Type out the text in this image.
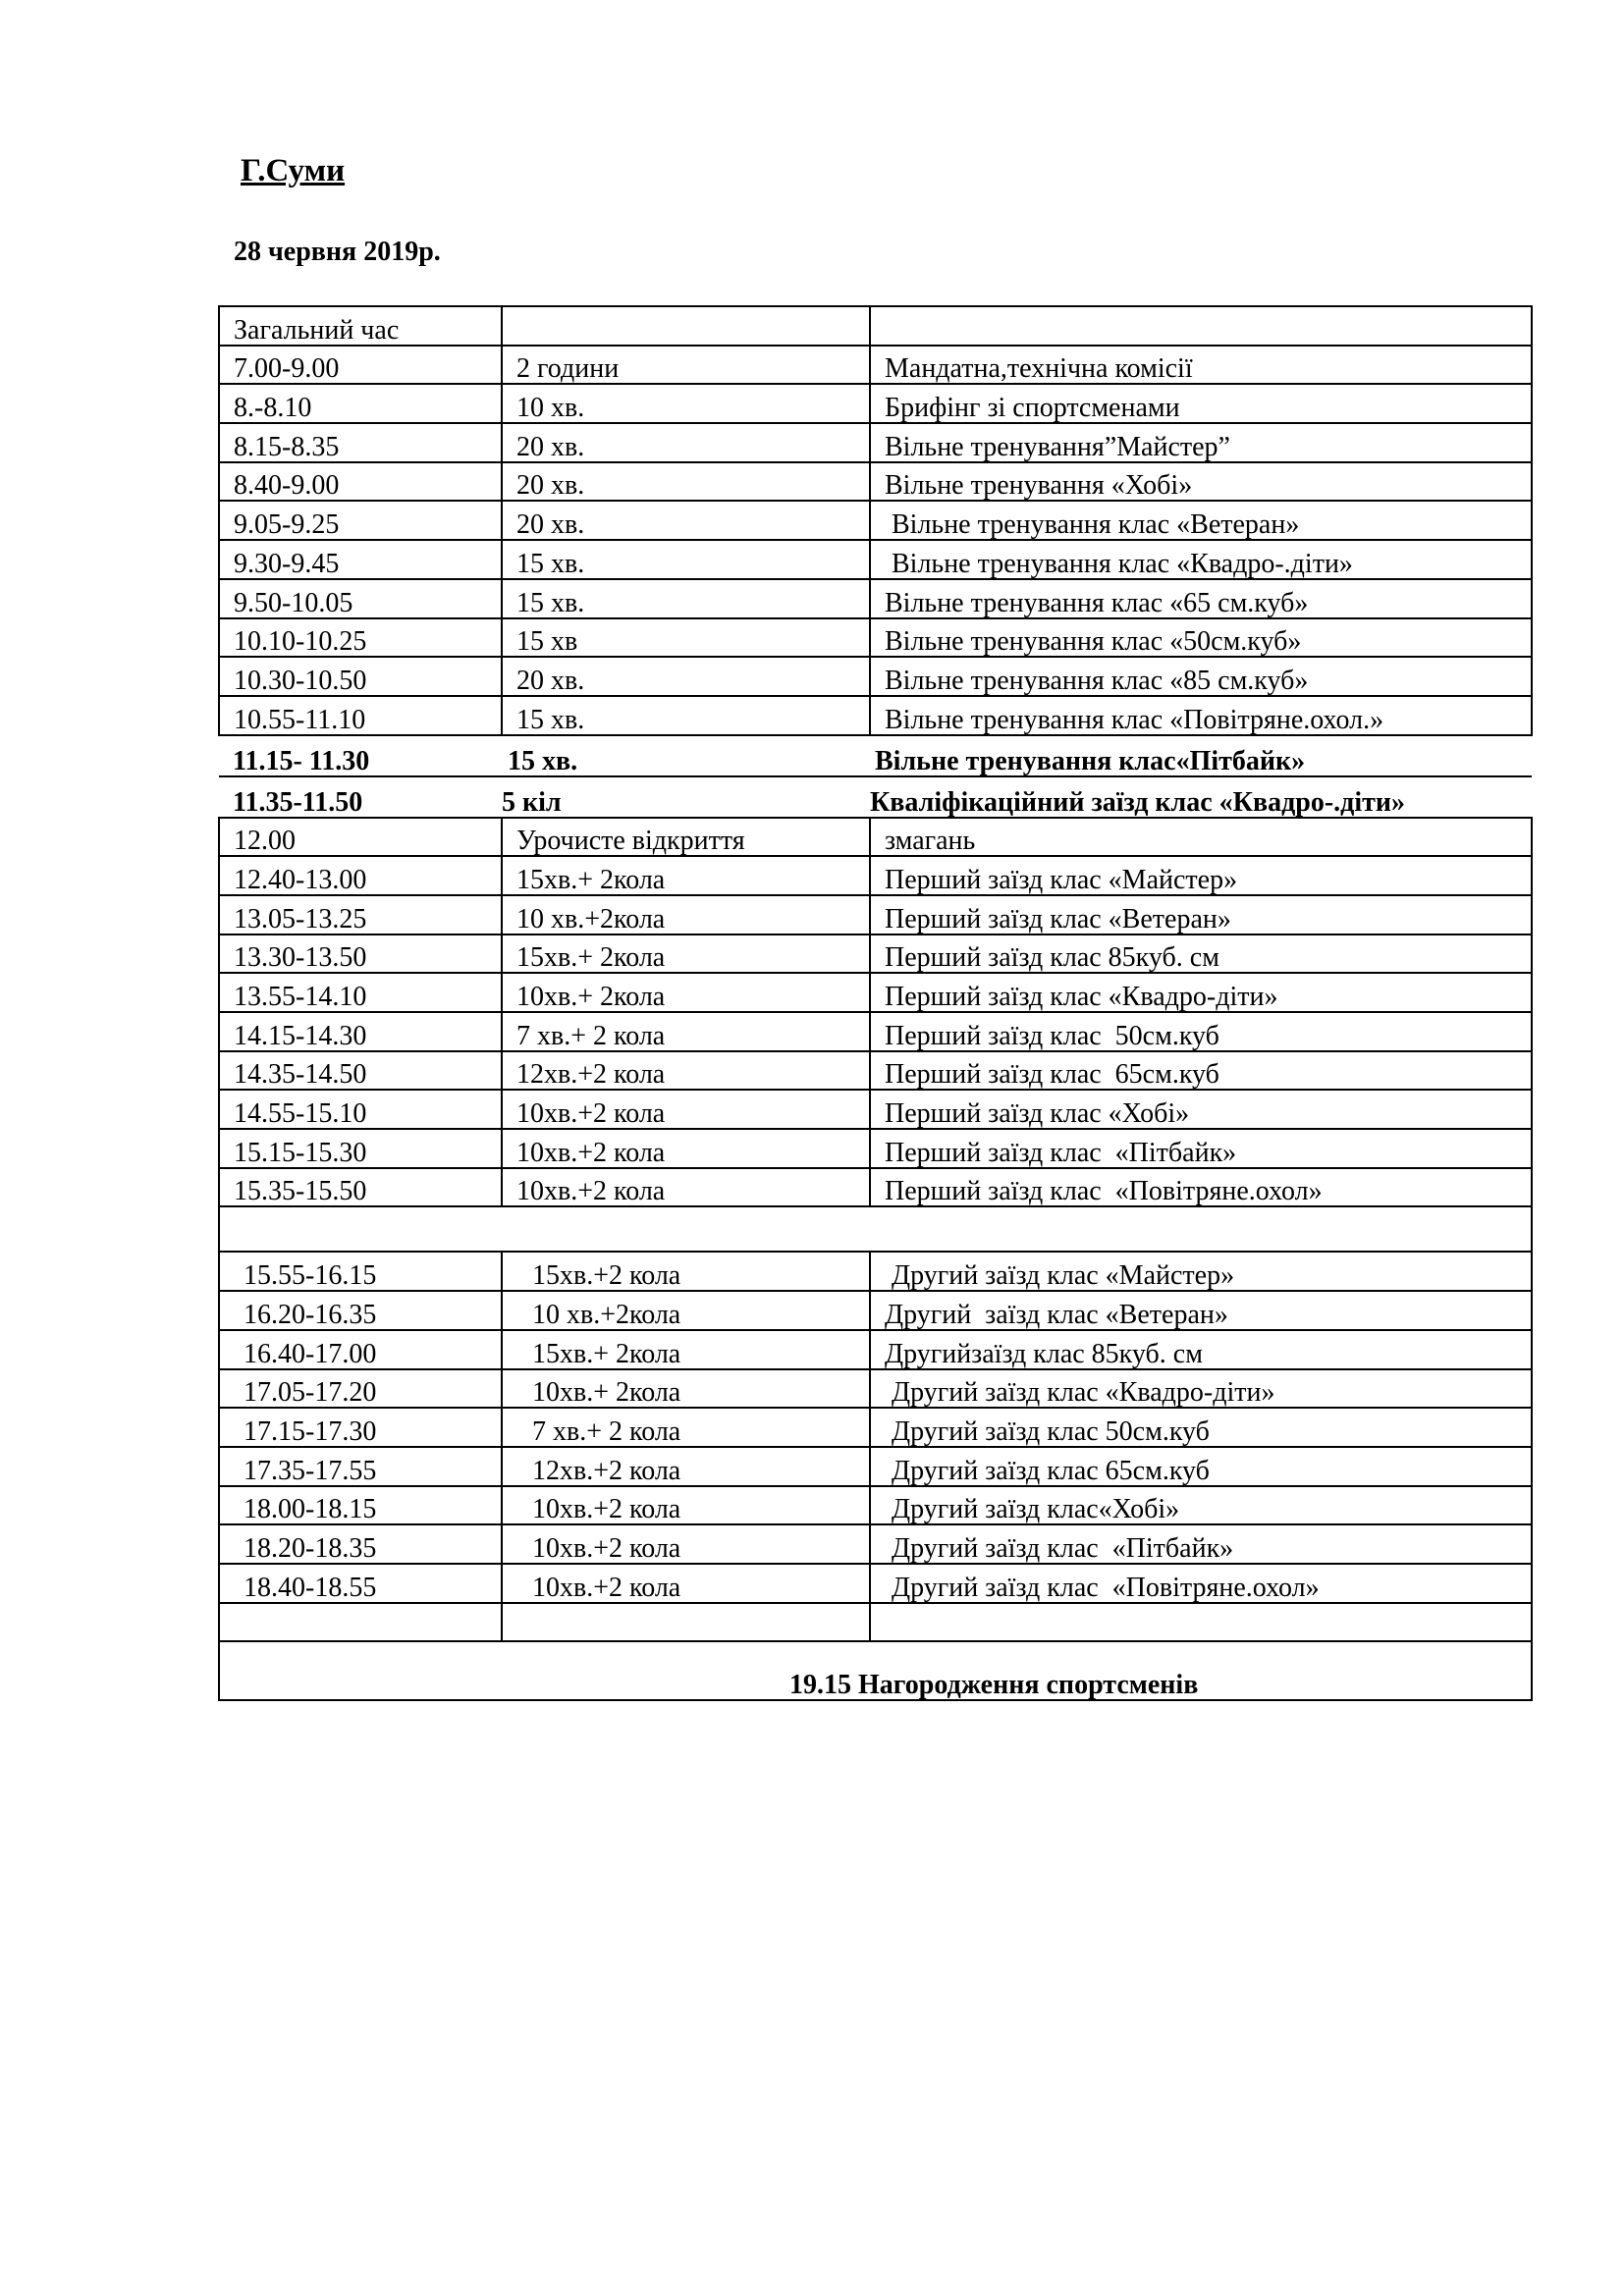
Г.Суми

28 червня 2019р.

Загальний час		
7.00-9.00	2 години	Мандатна,технічна комісії
8.-8.10	10 хв.	Брифінг зі спортсменами
8.15-8.35	20 хв.	Вільне тренування”Майстер”
8.40-9.00	20 хв.	Вільне тренування «Хобі»
9.05-9.25	20 хв.	Вільне тренування клас «Ветеран»
9.30-9.45	15 хв.	Вільне тренування клас «Квадро-.діти»
9.50-10.05	15 хв.	Вільне тренування клас «65 см.куб»
10.10-10.25	15 хв	Вільне тренування клас «50см.куб»
10.30-10.50	20 хв.	Вільне тренування клас «85 см.куб»
10.55-11.10	15 хв.	Вільне тренування клас «Повітряне.охол.»
11.15- 11.30	15 хв.	Вільне тренування клас«Пітбайк»
11.35-11.50	5 кіл	Кваліфікаційний заїзд клас «Квадро-.діти»
12.00	Урочисте відкриття	змагань
12.40-13.00	15хв.+ 2кола	Перший заїзд клас «Майстер»
13.05-13.25	10 хв.+2кола	Перший заїзд клас «Ветеран»
13.30-13.50	15хв.+ 2кола	Перший заїзд клас 85куб. см
13.55-14.10	10хв.+ 2кола	Перший заїзд клас «Квадро-діти»
14.15-14.30	7 хв.+ 2 кола	Перший заїзд клас  50см.куб
14.35-14.50	12хв.+2 кола	Перший заїзд клас  65см.куб
14.55-15.10	10хв.+2 кола	Перший заїзд клас «Хобі»
15.15-15.30	10хв.+2 кола	Перший заїзд клас  «Пітбайк»
15.35-15.50	10хв.+2 кола	Перший заїзд клас  «Повітряне.охол»

15.55-16.15	15хв.+2 кола	Другий заїзд клас «Майстер»
16.20-16.35	10 хв.+2кола	Другий  заїзд клас «Ветеран»
16.40-17.00	15хв.+ 2кола	Другийзаїзд клас 85куб. см
17.05-17.20	10хв.+ 2кола	Другий заїзд клас «Квадро-діти»
17.15-17.30	7 хв.+ 2 кола	Другий заїзд клас 50см.куб
17.35-17.55	12хв.+2 кола	Другий заїзд клас 65см.куб
18.00-18.15	10хв.+2 кола	Другий заїзд клас«Хобі»
18.20-18.35	10хв.+2 кола	Другий заїзд клас  «Пітбайк»
18.40-18.55	10хв.+2 кола	Другий заїзд клас  «Повітряне.охол»

19.15 Нагородження спортсменів		
